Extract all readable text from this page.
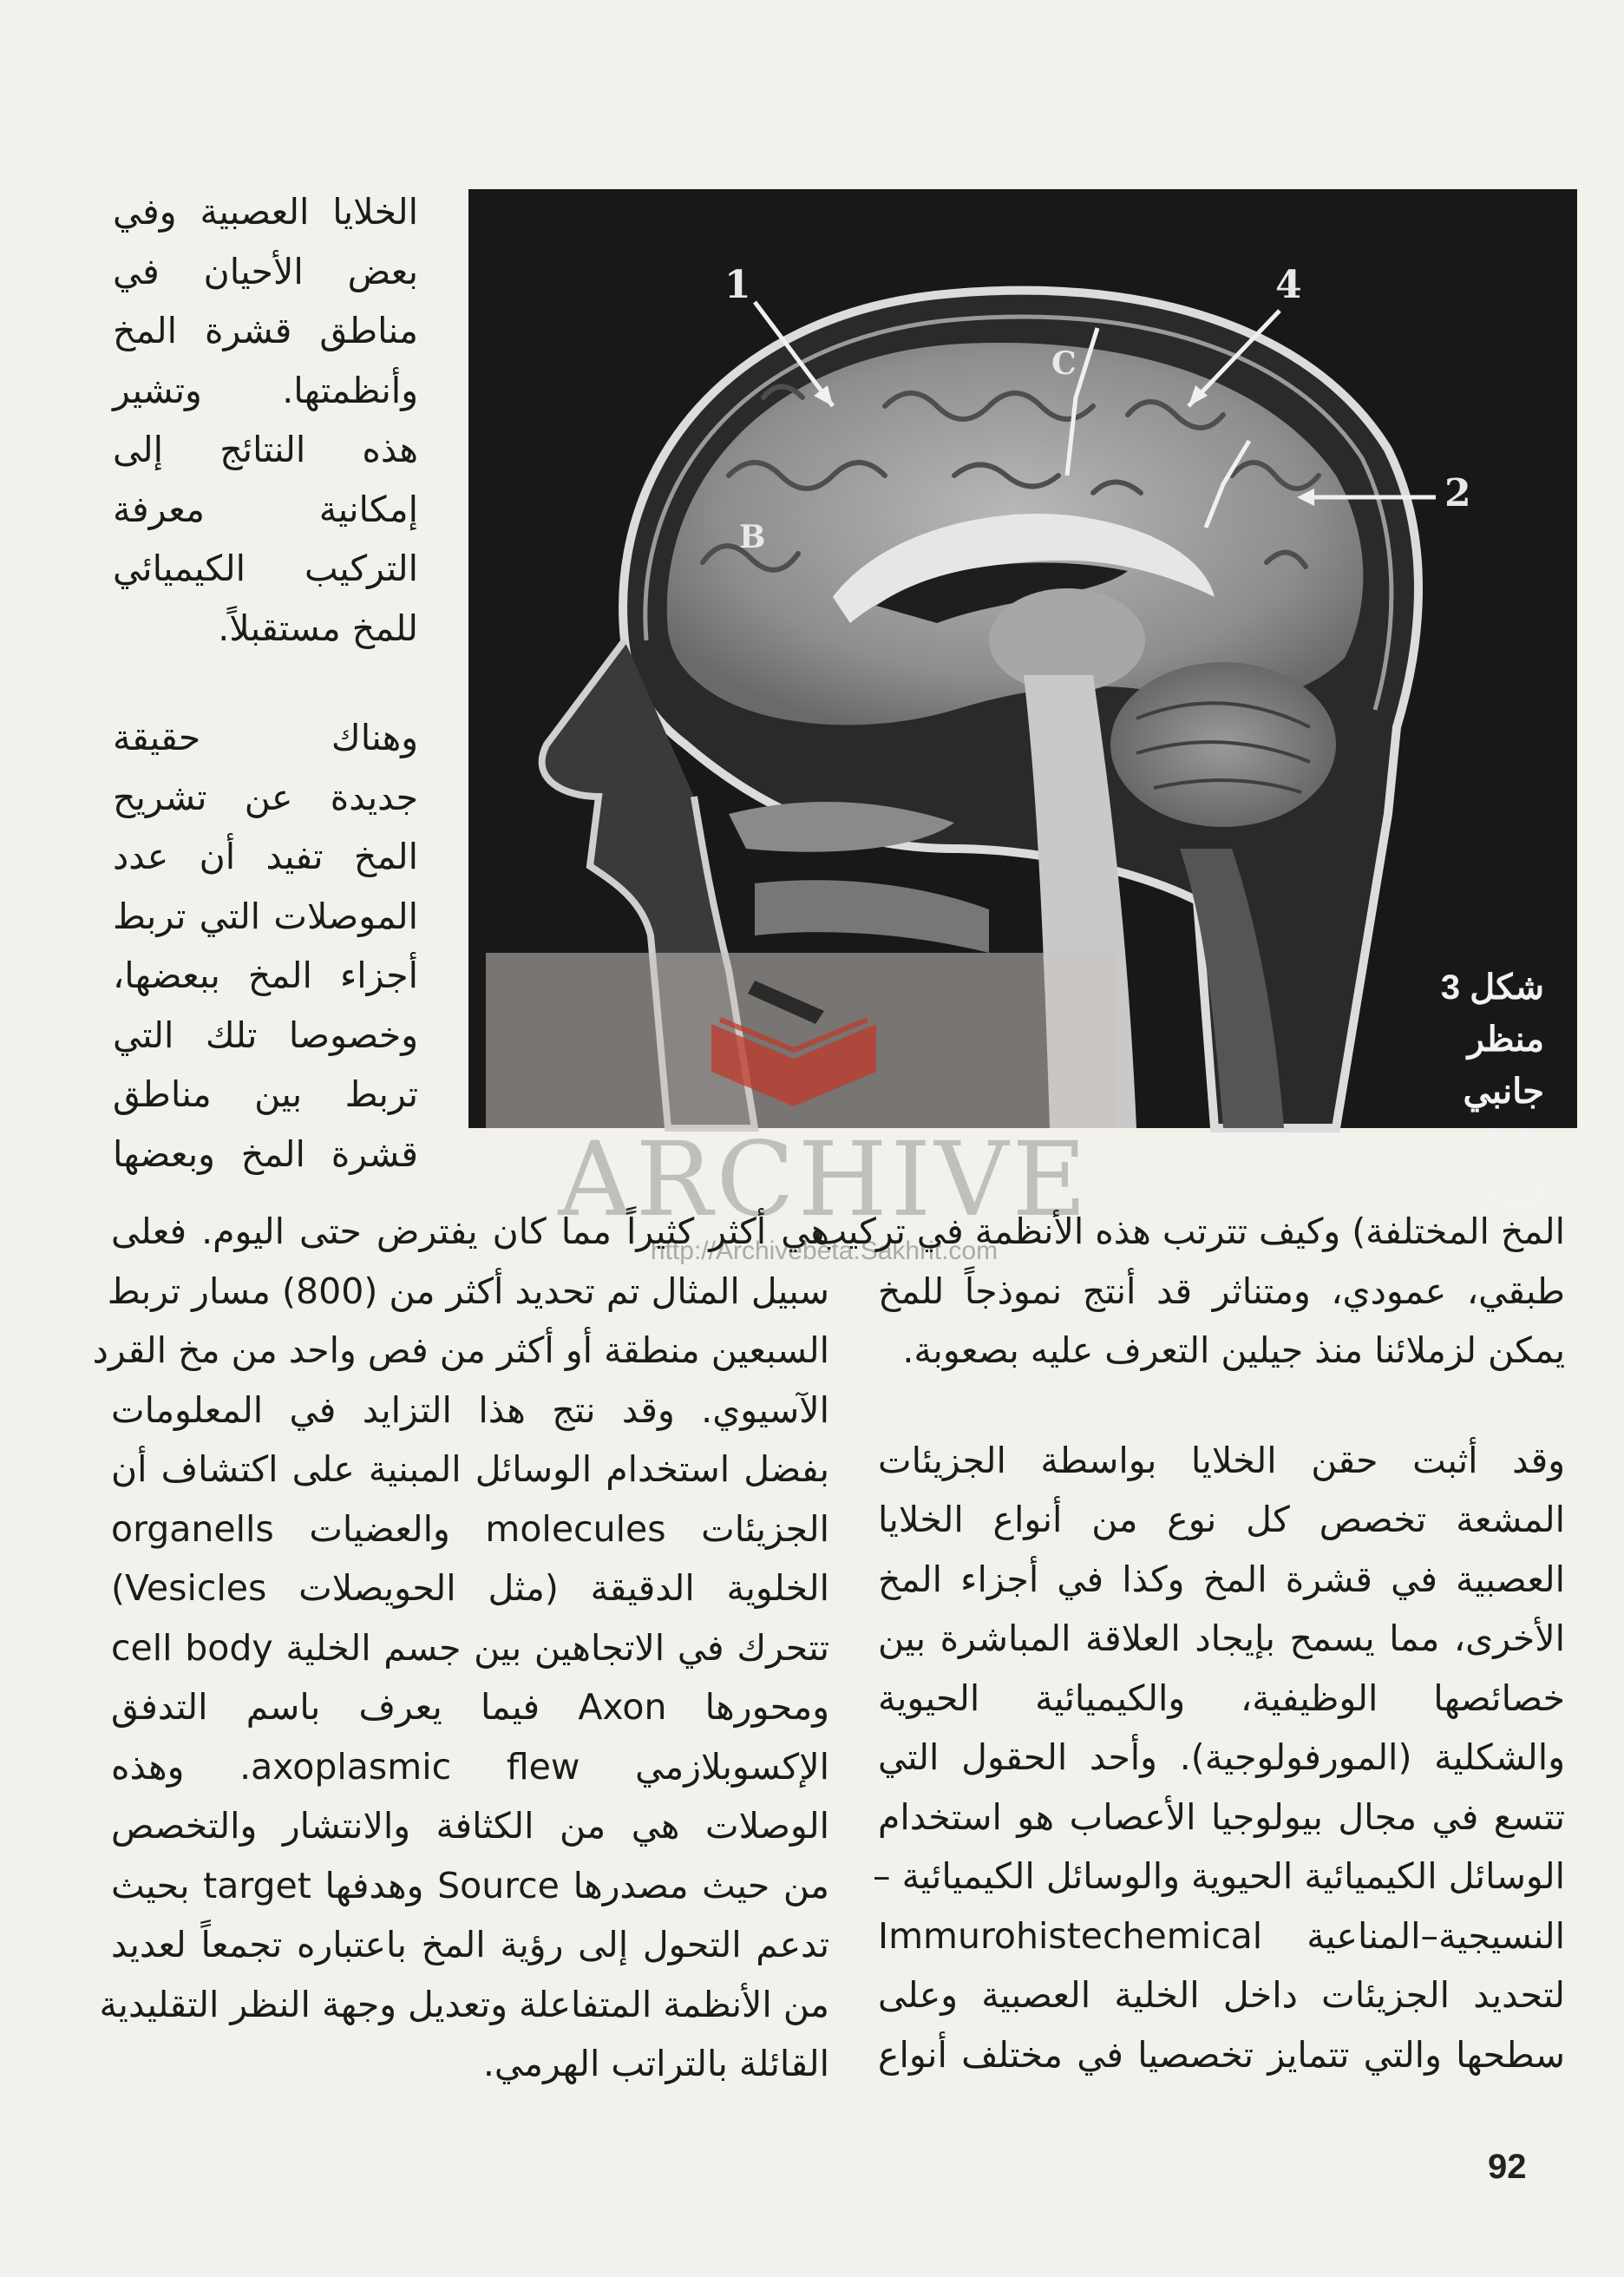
الخلايا العصبية وفي
بعض الأحيان في
مناطق قشرة المخ
وأنظمتها. وتشير
هذه النتائج إلى
إمكانية معرفة
التركيب الكيميائي
للمخ مستقبلاً.

وهناك حقيقة
جديدة عن تشريح
المخ تفيد أن عدد
الموصلات التي تربط
أجزاء المخ ببعضها،
وخصوصا تلك التي
تربط بين مناطق
قشرة المخ وبعضها

1	4
2
B
C
شكل 3
منظر
جانبي
داخلي
للمخ.
ARCHIVE
http://Archivebeta.Sakhrit.com

هي أكثر كثيراً مما كان يفترض حتى اليوم. فعلى
سبيل المثال تم تحديد أكثر من (800) مسار تربط
السبعين منطقة أو أكثر من فص واحد من مخ القرد
الآسيوي. وقد نتج هذا التزايد في المعلومات
بفضل استخدام الوسائل المبنية على اكتشاف أن
الجزيئات molecules والعضيات organells
الخلوية الدقيقة (مثل الحويصلات Vesicles)
تتحرك في الاتجاهين بين جسم الخلية cell body
ومحورها Axon فيما يعرف باسم التدفق
الإكسوبلازمي axoplasmic flew. وهذه
الوصلات هي من الكثافة والانتشار والتخصص
من حيث مصدرها Source وهدفها target بحيث
تدعم التحول إلى رؤية المخ باعتباره تجمعاً لعديد
من الأنظمة المتفاعلة وتعديل وجهة النظر التقليدية
القائلة بالتراتب الهرمي.

المخ المختلفة) وكيف تترتب هذه الأنظمة في تركيب
طبقي، عمودي، ومتناثر قد أنتج نموذجاً للمخ
يمكن لزملائنا منذ جيلين التعرف عليه بصعوبة.

وقد أثبت حقن الخلايا بواسطة الجزيئات
المشعة تخصص كل نوع من أنواع الخلايا
العصبية في قشرة المخ وكذا في أجزاء المخ
الأخرى، مما يسمح بإيجاد العلاقة المباشرة بين
خصائصها الوظيفية، والكيميائية الحيوية
والشكلية (المورفولوجية). وأحد الحقول التي
تتسع في مجال بيولوجيا الأعصاب هو استخدام
الوسائل الكيميائية الحيوية والوسائل الكيميائية –
النسيجية–المناعية Immurohistechemical
لتحديد الجزيئات داخل الخلية العصبية وعلى
سطحها والتي تتمايز تخصصيا في مختلف أنواع

92
